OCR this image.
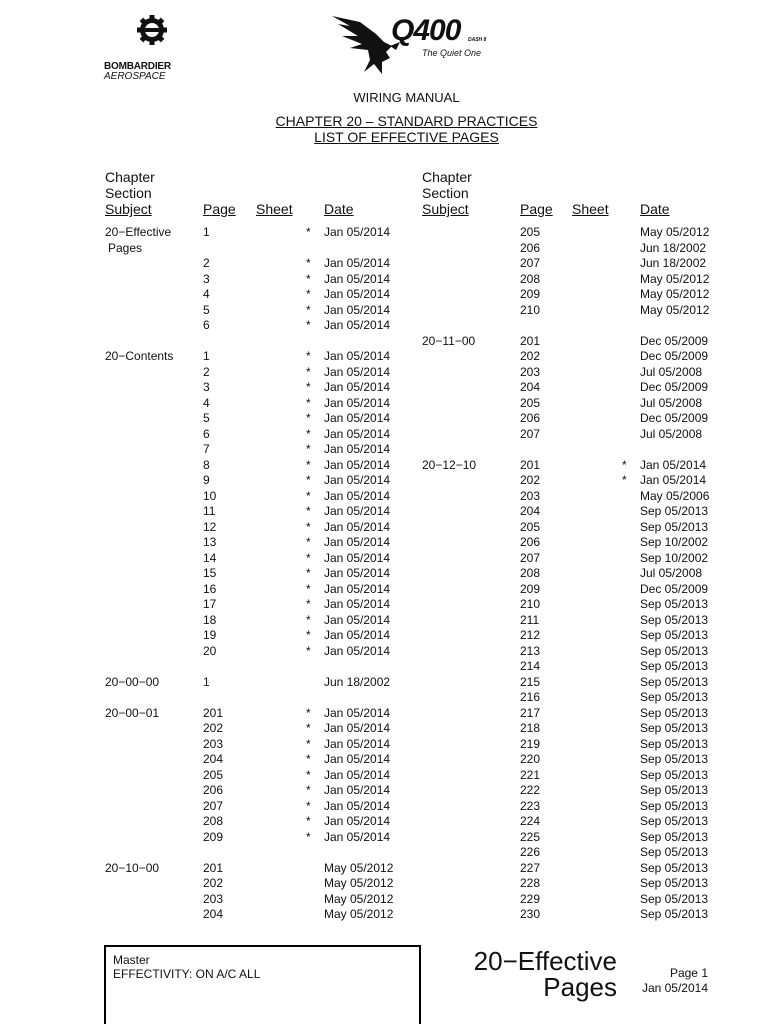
BOMBARDIER
AEROSPACE
Q400 DASH 8
The Quiet One
WIRING MANUAL
CHAPTER 20 – STANDARD PRACTICES
LIST OF EFFECTIVE PAGES
Chapter
Section
Subject	Page Sheet Date
Chapter
Section
Subject	Page Sheet Date
20−Effective	1	* Jan 05/2014
Pages
2	* Jan 05/2014
3	* Jan 05/2014
4	* Jan 05/2014
5	* Jan 05/2014
6	* Jan 05/2014
20−Contents 1	* Jan 05/2014
2	* Jan 05/2014
3	* Jan 05/2014
4	* Jan 05/2014
5	* Jan 05/2014
6	* Jan 05/2014
7	* Jan 05/2014
8	* Jan 05/2014
9	* Jan 05/2014
10	* Jan 05/2014
11	* Jan 05/2014
12	* Jan 05/2014
13	* Jan 05/2014
14	* Jan 05/2014
15	* Jan 05/2014
16	* Jan 05/2014
17	* Jan 05/2014
18	* Jan 05/2014
19	* Jan 05/2014
20	* Jan 05/2014
20−00−00	1	Jun 18/2002
20−00−01	201	* Jan 05/2014
202	* Jan 05/2014
203	* Jan 05/2014
204	* Jan 05/2014
205	* Jan 05/2014
206	* Jan 05/2014
207	* Jan 05/2014
208	* Jan 05/2014
209	* Jan 05/2014
20−10−00	201	May 05/2012
202	May 05/2012
203	May 05/2012
204	May 05/2012
205	May 05/2012
206	Jun 18/2002
207	Jun 18/2002
208	May 05/2012
209	May 05/2012
210	May 05/2012
20−11−00	201	Dec 05/2009
202	Dec 05/2009
203	Jul 05/2008
204	Dec 05/2009
205	Jul 05/2008
206	Dec 05/2009
207	Jul 05/2008
20−12−10	201	* Jan 05/2014
202	* Jan 05/2014
203	May 05/2006
204	Sep 05/2013
205	Sep 05/2013
206	Sep 10/2002
207	Sep 10/2002
208	Jul 05/2008
209	Dec 05/2009
210	Sep 05/2013
211	Sep 05/2013
212	Sep 05/2013
213	Sep 05/2013
214	Sep 05/2013
215	Sep 05/2013
216	Sep 05/2013
217	Sep 05/2013
218	Sep 05/2013
219	Sep 05/2013
220	Sep 05/2013
221	Sep 05/2013
222	Sep 05/2013
223	Sep 05/2013
224	Sep 05/2013
225	Sep 05/2013
226	Sep 05/2013
227	Sep 05/2013
228	Sep 05/2013
229	Sep 05/2013
230	Sep 05/2013
Master
EFFECTIVITY: ON A/C ALL	20−Effective
Pages	Page 1
Jan 05/2014
